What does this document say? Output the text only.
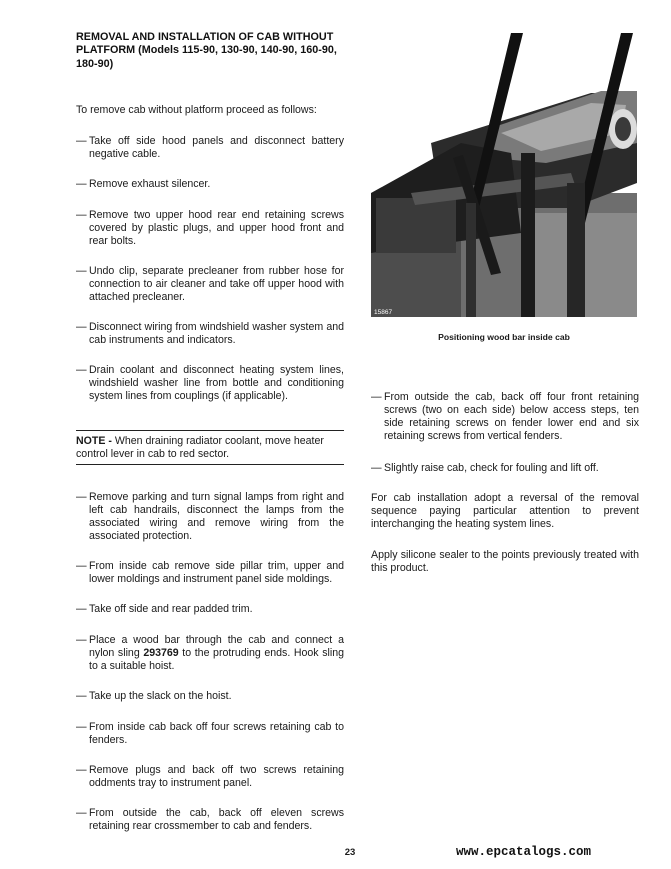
REMOVAL AND INSTALLATION OF CAB WITHOUT PLATFORM (Models 115-90, 130-90, 140-90, 160-90, 180-90)
To remove cab without platform proceed as follows:
— Take off side hood panels and disconnect battery negative cable.
— Remove exhaust silencer.
— Remove two upper hood rear end retaining screws covered by plastic plugs, and upper hood front and rear bolts.
— Undo clip, separate precleaner from rubber hose for connection to air cleaner and take off upper hood with attached precleaner.
— Disconnect wiring from windshield washer system and cab instruments and indicators.
— Drain coolant and disconnect heating system lines, windshield washer line from bottle and conditioning system lines from couplings (if applicable).
NOTE - When draining radiator coolant, move heater control lever in cab to red sector.
— Remove parking and turn signal lamps from right and left cab handrails, disconnect the lamps from the associated wiring and remove wiring from the associated protection.
— From inside cab remove side pillar trim, upper and lower moldings and instrument panel side moldings.
— Take off side and rear padded trim.
— Place a wood bar through the cab and connect a nylon sling 293769 to the protruding ends. Hook sling to a suitable hoist.
— Take up the slack on the hoist.
— From inside cab back off four screws retaining cab to fenders.
— Remove plugs and back off two screws retaining oddments tray to instrument panel.
— From outside the cab, back off eleven screws retaining rear crossmember to cab and fenders.
15867
Positioning wood bar inside cab
— From outside the cab, back off four front retaining screws (two on each side) below access steps, ten side retaining screws on fender lower end and six retaining screws from vertical fenders.
— Slightly raise cab, check for fouling and lift off.
For cab installation adopt a reversal of the removal sequence paying particular attention to prevent interchanging the heating system lines.
Apply silicone sealer to the points previously treated with this product.
23	www.epcatalogs.com
